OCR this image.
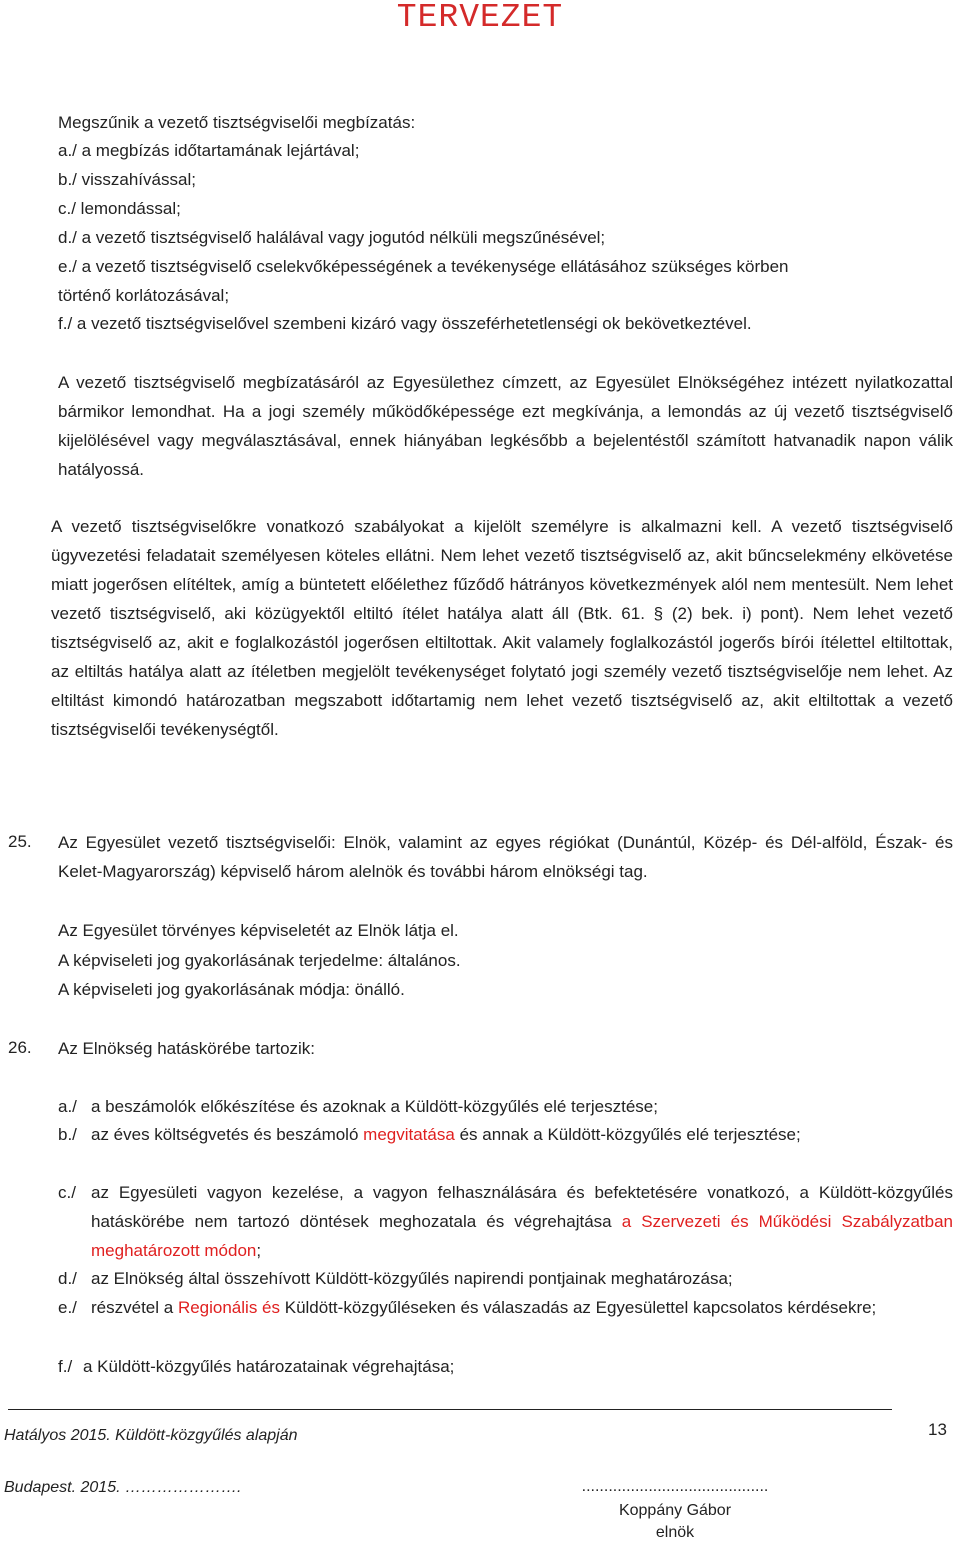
TERVEZET
Megszűnik a vezető tisztségviselői megbízatás:
a./ a megbízás időtartamának lejártával;
b./ visszahívással;
c./ lemondással;
d./ a vezető tisztségviselő halálával vagy jogutód nélküli megszűnésével;
e./ a vezető tisztségviselő cselekvőképességének a tevékenysége ellátásához szükséges körben
történő korlátozásával;
f./ a vezető tisztségviselővel szembeni kizáró vagy összeférhetetlenségi ok bekövetkeztével.
A vezető tisztségviselő megbízatásáról az Egyesülethez címzett, az Egyesület Elnökségéhez intézett nyilatkozattal bármikor lemondhat. Ha a jogi személy működőképessége ezt megkívánja, a lemondás az új vezető tisztségviselő kijelölésével vagy megválasztásával, ennek hiányában legkésőbb a bejelentéstől számított hatvanadik napon válik hatályossá.
A vezető tisztségviselőkre vonatkozó szabályokat a kijelölt személyre is alkalmazni kell. A vezető tisztségviselő ügyvezetési feladatait személyesen köteles ellátni. Nem lehet vezető tisztségviselő az, akit bűncselekmény elkövetése miatt jogerősen elítéltek, amíg a büntetett előélethez fűződő hátrányos következmények alól nem mentesült. Nem lehet vezető tisztségviselő, aki közügyektől eltiltó ítélet hatálya alatt áll (Btk. 61. § (2) bek. i) pont). Nem lehet vezető tisztségviselő az, akit e foglalkozástól jogerősen eltiltottak. Akit valamely foglalkozástól jogerős bírói ítélettel eltiltottak, az eltiltás hatálya alatt az ítéletben megjelölt tevékenységet folytató jogi személy vezető tisztségviselője nem lehet. Az eltiltást kimondó határozatban megszabott időtartamig nem lehet vezető tisztségviselő az, akit eltiltottak a vezető tisztségviselői tevékenységtől.
25. Az Egyesület vezető tisztségviselői: Elnök, valamint az egyes régiókat (Dunántúl, Közép- és Dél-alföld, Észak- és Kelet-Magyarország) képviselő három alelnök és további három elnökségi tag.
Az Egyesület törvényes képviseletét az Elnök látja el.
A képviseleti jog gyakorlásának terjedelme: általános.
A képviseleti jog gyakorlásának módja: önálló.
26. Az Elnökség hatáskörébe tartozik:
a./ a beszámolók előkészítése és azoknak a Küldött-közgyűlés elé terjesztése;
b./ az éves költségvetés és beszámoló megvitatása és annak a Küldött-közgyűlés elé terjesztése;
c./ az Egyesületi vagyon kezelése, a vagyon felhasználására és befektetésére vonatkozó, a Küldött-közgyűlés hatáskörébe nem tartozó döntések meghozatala és végrehajtása a Szervezeti és Működési Szabályzatban meghatározott módon;
d./ az Elnökség által összehívott Küldött-közgyűlés napirendi pontjainak meghatározása;
e./ részvétel a Regionális és Küldött-közgyűléseken és válaszadás az Egyesülettel kapcsolatos kérdésekre;
f./ a Küldött-közgyűlés határozatainak végrehajtása;
Hatályos 2015. Küldött-közgyűlés alapján	13
Budapest. 2015. ………………….	..........................................
Koppány Gábor
elnök
